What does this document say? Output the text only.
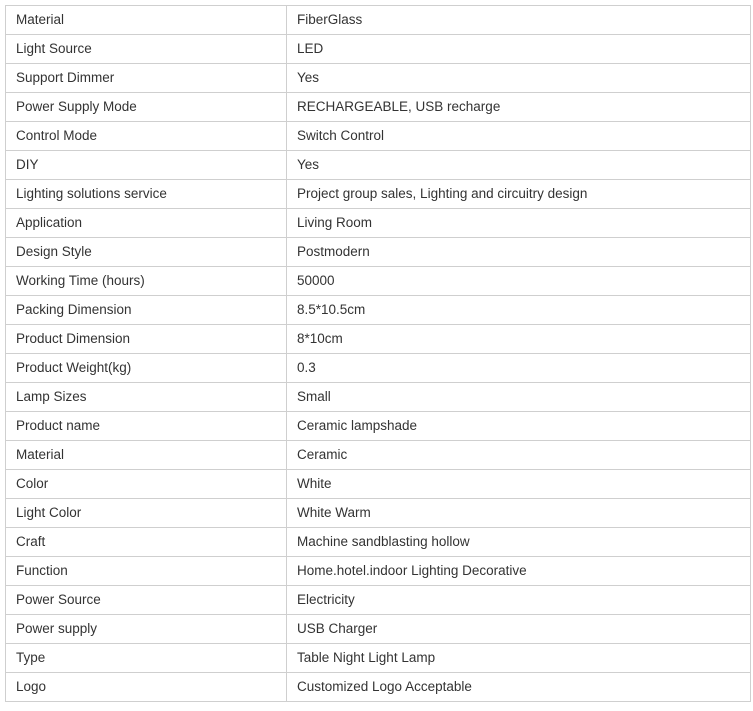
Material	FiberGlass
Light Source	LED
Support Dimmer	Yes
Power Supply Mode	RECHARGEABLE, USB recharge
Control Mode	Switch Control
DIY	Yes
Lighting solutions service	Project group sales, Lighting and circuitry design
Application	Living Room
Design Style	Postmodern
Working Time (hours)	50000
Packing Dimension	8.5*10.5cm
Product Dimension	8*10cm
Product Weight(kg)	0.3
Lamp Sizes	Small
Product name	Ceramic lampshade
Material	Ceramic
Color	White
Light Color	White Warm
Craft	Machine sandblasting hollow
Function	Home.hotel.indoor Lighting Decorative
Power Source	Electricity
Power supply	USB Charger
Type	Table Night Light Lamp
Logo	Customized Logo Acceptable
